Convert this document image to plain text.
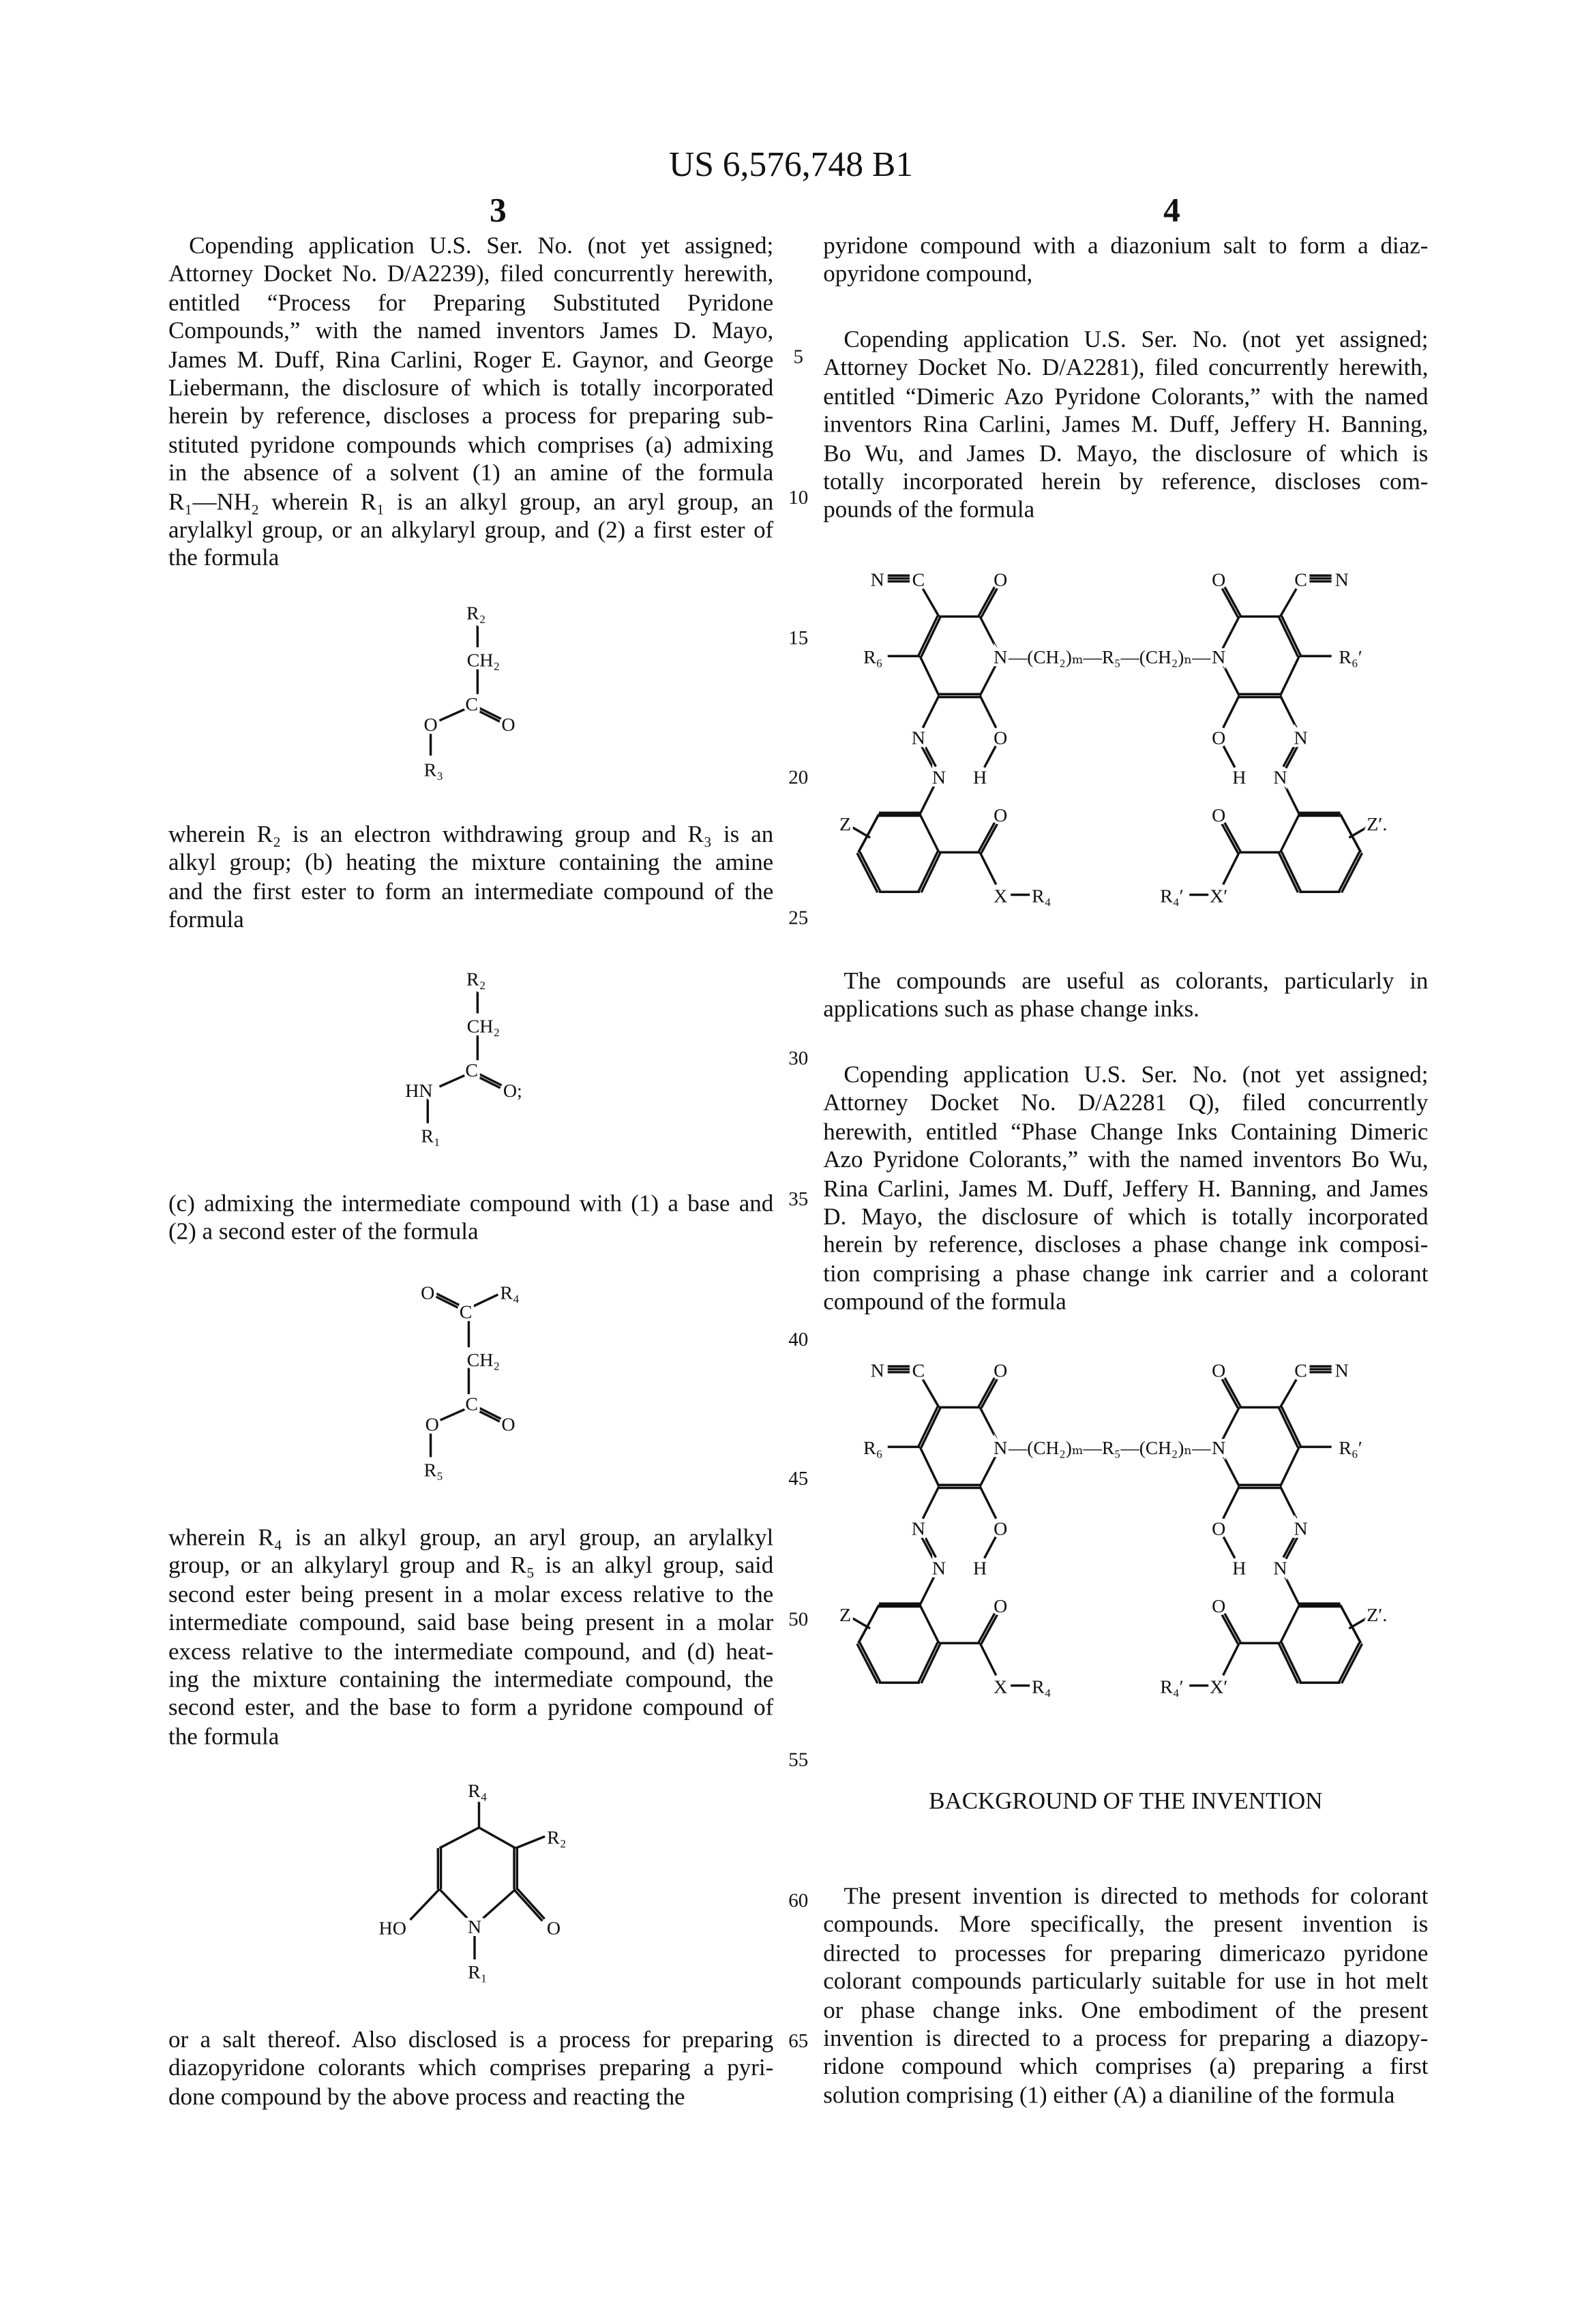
US 6,576,748 B1
3	4
Copending application U.S. Ser. No. (not yet assigned;
Attorney Docket No. D/A2239), filed concurrently herewith,
entitled “Process for Preparing Substituted Pyridone
Compounds,” with the named inventors James D. Mayo,
James M. Duff, Rina Carlini, Roger E. Gaynor, and George
Liebermann, the disclosure of which is totally incorporated
herein by reference, discloses a process for preparing sub-
stituted pyridone compounds which comprises (a) admixing
in the absence of a solvent (1) an amine of the formula
R₁—NH₂ wherein R₁ is an alkyl group, an aryl group, an
arylalkyl group, or an alkylaryl group, and (2) a first ester of
the formula
wherein R₂ is an electron withdrawing group and R₃ is an
alkyl group; (b) heating the mixture containing the amine
and the first ester to form an intermediate compound of the
formula
(c) admixing the intermediate compound with (1) a base and
(2) a second ester of the formula
wherein R₄ is an alkyl group, an aryl group, an arylalkyl
group, or an alkylaryl group and R₅ is an alkyl group, said
second ester being present in a molar excess relative to the
intermediate compound, said base being present in a molar
excess relative to the intermediate compound, and (d) heat-
ing the mixture containing the intermediate compound, the
second ester, and the base to form a pyridone compound of
the formula
or a salt thereof. Also disclosed is a process for preparing
diazopyridone colorants which comprises preparing a pyri-
done compound by the above process and reacting the
pyridone compound with a diazonium salt to form a diaz-
opyridone compound,
Copending application U.S. Ser. No. (not yet assigned;
Attorney Docket No. D/A2281), filed concurrently herewith,
entitled “Dimeric Azo Pyridone Colorants,” with the named
inventors Rina Carlini, James M. Duff, Jeffery H. Banning,
Bo Wu, and James D. Mayo, the disclosure of which is
totally incorporated herein by reference, discloses com-
pounds of the formula
The compounds are useful as colorants, particularly in
applications such as phase change inks.
Copending application U.S. Ser. No. (not yet assigned;
Attorney Docket No. D/A2281 Q), filed concurrently
herewith, entitled “Phase Change Inks Containing Dimeric
Azo Pyridone Colorants,” with the named inventors Bo Wu,
Rina Carlini, James M. Duff, Jeffery H. Banning, and James
D. Mayo, the disclosure of which is totally incorporated
herein by reference, discloses a phase change ink composi-
tion comprising a phase change ink carrier and a colorant
compound of the formula
BACKGROUND OF THE INVENTION
The present invention is directed to methods for colorant
compounds. More specifically, the present invention is
directed to processes for preparing dimericazo pyridone
colorant compounds particularly suitable for use in hot melt
or phase change inks. One embodiment of the present
invention is directed to a process for preparing a diazopy-
ridone compound which comprises (a) preparing a first
solution comprising (1) either (A) a dianiline of the formula
5
10
15
20
25
30
35
40
45
50
55
60
65
R₂
CH₂
C
O	O
R₃
R₂
CH₂
C
HN	O;
R₁
O
C
R₄
CH₂
C
O	O
R₅
R₄
R₂
O
N
HO
R₁
N	C	O
R₆	N
N
N
O
H
Z	O
X	R₄
N
C
O
R₆′
N
N
N
O
H
Z′.
O
X′
R₄′
—(CH₂)ₘ—R₅—(CH₂)ₙ—
N	C	O
R₆	N
N
N
O
H
Z	O
X	R₄
N
C
O
R₆′
N
N
N
O
H
Z′.
O
X′
R₄′
—(CH₂)ₘ—R₅—(CH₂)ₙ—
